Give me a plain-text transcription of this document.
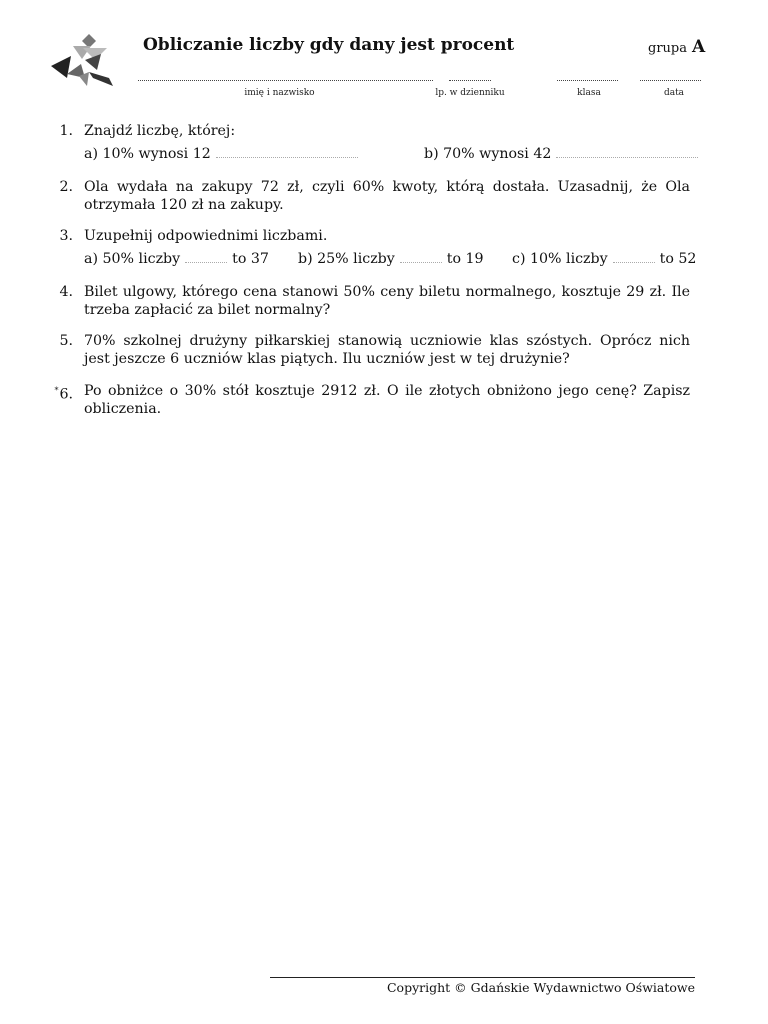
Obliczanie liczby gdy dany jest procent	grupa A
imię i nazwisko	lp. w dzienniku	klasa	data
1. Znajdź liczbę, której:
a) 10% wynosi 12	b) 70% wynosi 42
2. Ola wydała na zakupy 72 zł, czyli 60% kwoty, którą dostała. Uzasadnij, że Ola otrzymała 120 zł na zakupy.
3. Uzupełnij odpowiednimi liczbami.
a) 50% liczby	to 37 b) 25% liczby	to 19 c) 10% liczby	to 52
4. Bilet ulgowy, którego cena stanowi 50% ceny biletu normalnego, kosztuje 29 zł. Ile trzeba zapłacić za bilet normalny?
5. 70% szkolnej drużyny piłkarskiej stanowią uczniowie klas szóstych. Oprócz nich jest jeszcze 6 uczniów klas piątych. Ilu uczniów jest w tej drużynie?
*6. Po obniżce o 30% stół kosztuje 2912 zł. O ile złotych obniżono jego cenę? Zapisz obliczenia.
Copyright © Gdańskie Wydawnictwo Oświatowe
